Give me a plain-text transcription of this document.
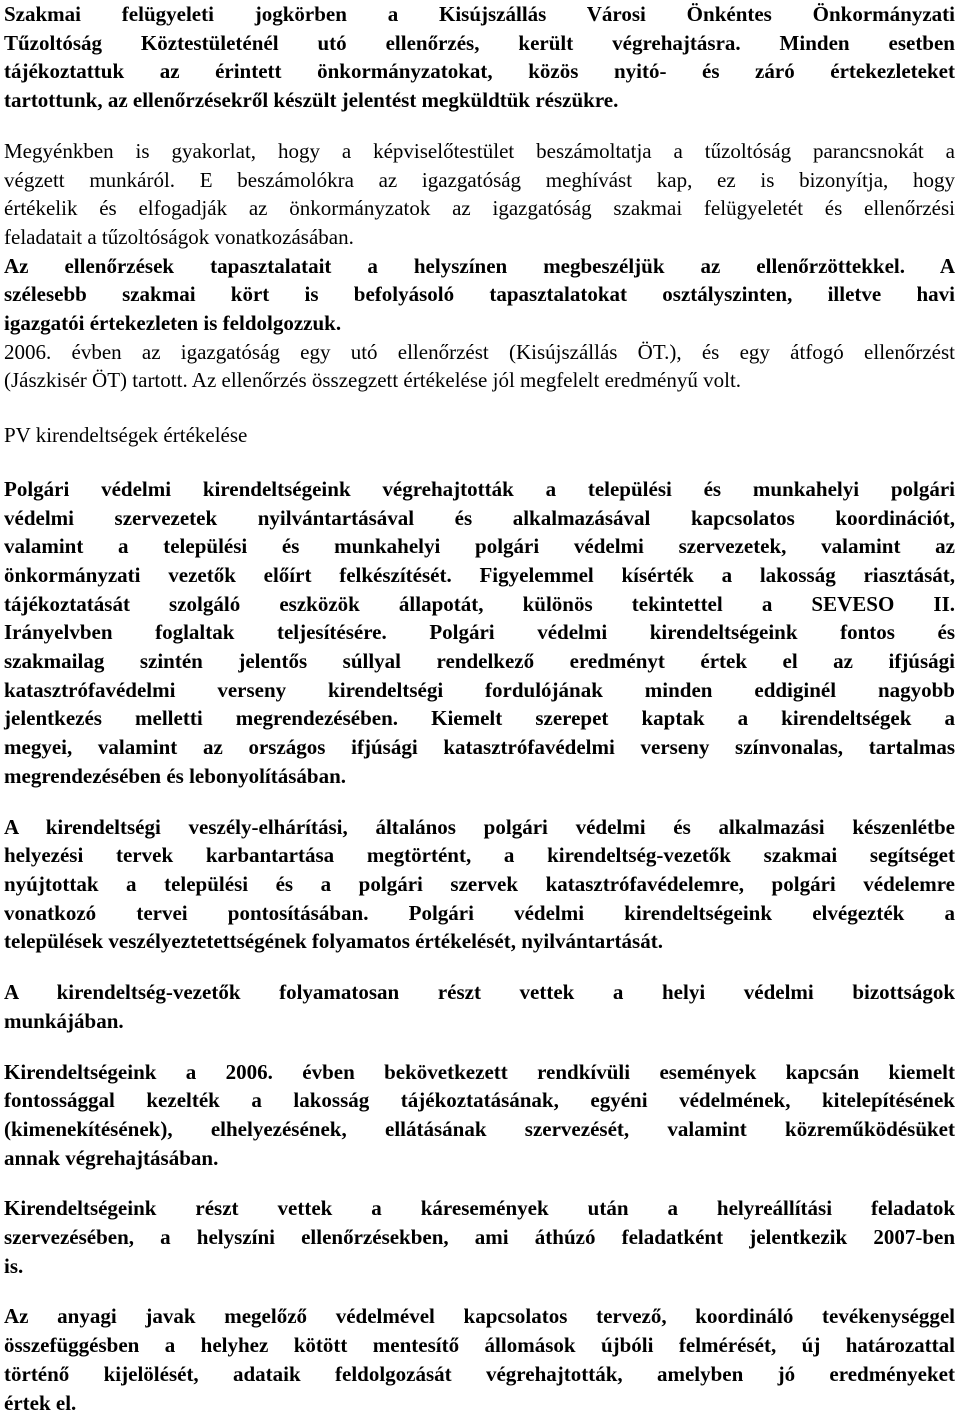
Szakmai felügyeleti jogkörben a Kisújszállás Városi Önkéntes Önkormányzati
Tűzoltóság Köztestületénél utó ellenőrzés, került végrehajtásra. Minden esetben
tájékoztattuk az érintett önkormányzatokat, közös nyitó- és záró értekezleteket
tartottunk, az ellenőrzésekről készült jelentést megküldtük részükre.
Megyénkben is gyakorlat, hogy a képviselőtestület beszámoltatja a tűzoltóság parancsnokát a
végzett munkáról. E beszámolókra az igazgatóság meghívást kap, ez is bizonyítja, hogy
értékelik és elfogadják az önkormányzatok az igazgatóság szakmai felügyeletét és ellenőrzési
feladatait a tűzoltóságok vonatkozásában.
Az ellenőrzések tapasztalatait a helyszínen megbeszéljük az ellenőrzöttekkel. A
szélesebb szakmai kört is befolyásoló tapasztalatokat osztályszinten, illetve havi
igazgatói értekezleten is feldolgozzuk.
2006. évben az igazgatóság egy utó ellenőrzést (Kisújszállás ÖT.), és egy átfogó ellenőrzést
(Jászkisér ÖT) tartott. Az ellenőrzés összegzett értékelése jól megfelelt eredményű volt.
PV kirendeltségek értékelése
Polgári védelmi kirendeltségeink végrehajtották a települési és munkahelyi polgári
védelmi szervezetek nyilvántartásával és alkalmazásával kapcsolatos koordinációt,
valamint a települési és munkahelyi polgári védelmi szervezetek, valamint az
önkormányzati vezetők előírt felkészítését. Figyelemmel kísérték a lakosság riasztását,
tájékoztatását szolgáló eszközök állapotát, különös tekintettel a SEVESO II.
Irányelvben foglaltak teljesítésére. Polgári védelmi kirendeltségeink fontos és
szakmailag szintén jelentős súllyal rendelkező eredményt értek el az ifjúsági
katasztrófavédelmi verseny kirendeltségi fordulójának minden eddiginél nagyobb
jelentkezés melletti megrendezésében. Kiemelt szerepet kaptak a kirendeltségek a
megyei, valamint az országos ifjúsági katasztrófavédelmi verseny színvonalas, tartalmas
megrendezésében és lebonyolításában.
A kirendeltségi veszély-elhárítási, általános polgári védelmi és alkalmazási készenlétbe
helyezési tervek karbantartása megtörtént, a kirendeltség-vezetők szakmai segítséget
nyújtottak a települési és a polgári szervek katasztrófavédelemre, polgári védelemre
vonatkozó tervei pontosításában. Polgári védelmi kirendeltségeink elvégezték a
települések veszélyeztetettségének folyamatos értékelését, nyilvántartását.
A kirendeltség-vezetők folyamatosan részt vettek a helyi védelmi bizottságok
munkájában.
Kirendeltségeink a 2006. évben bekövetkezett rendkívüli események kapcsán kiemelt
fontossággal kezelték a lakosság tájékoztatásának, egyéni védelmének, kitelepítésének
(kimenekítésének), elhelyezésének, ellátásának szervezését, valamint közreműködésüket
annak végrehajtásában.
Kirendeltségeink részt vettek a káresemények után a helyreállítási feladatok
szervezésében, a helyszíni ellenőrzésekben, ami áthúzó feladatként jelentkezik 2007-ben
is.
Az anyagi javak megelőző védelmével kapcsolatos tervező, koordináló tevékenységgel
összefüggésben a helyhez kötött mentesítő állomások újbóli felmérését, új határozattal
történő kijelölését, adataik feldolgozását végrehajtották, amelyben jó eredményeket
értek el.
